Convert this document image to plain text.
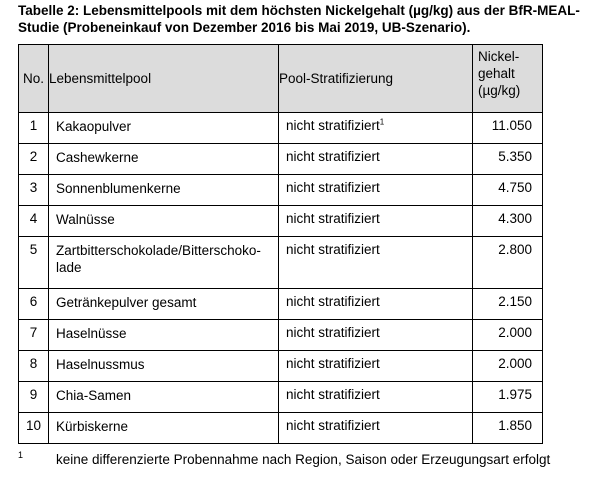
Tabelle 2: Lebensmittelpools mit dem höchsten Nickelgehalt (µg/kg) aus der BfR-MEAL-Studie (Probeneinkauf von Dezember 2016 bis Mai 2019, UB-Szenario).
No.	Lebensmittelpool	Pool-Stratifizierung	Nickel-
gehalt
(µg/kg)

1	Kakaopulver	nicht stratifiziert$^1$	11.050
2	Cashewkerne	nicht stratifiziert	5.350
3	Sonnenblumenkerne	nicht stratifiziert	4.750
4	Walnüsse	nicht stratifiziert	4.300
5	Zartbitterschokolade/Bitterschoko-
lade	nicht stratifiziert	2.800
6	Getränkepulver gesamt	nicht stratifiziert	2.150
7	Haselnüsse	nicht stratifiziert	2.000
8	Haselnussmus	nicht stratifiziert	2.000
9	Chia-Samen	nicht stratifiziert	1.975
10	Kürbiskerne	nicht stratifiziert	1.850
1 keine differenzierte Probennahme nach Region, Saison oder Erzeugungsart erfolgt
